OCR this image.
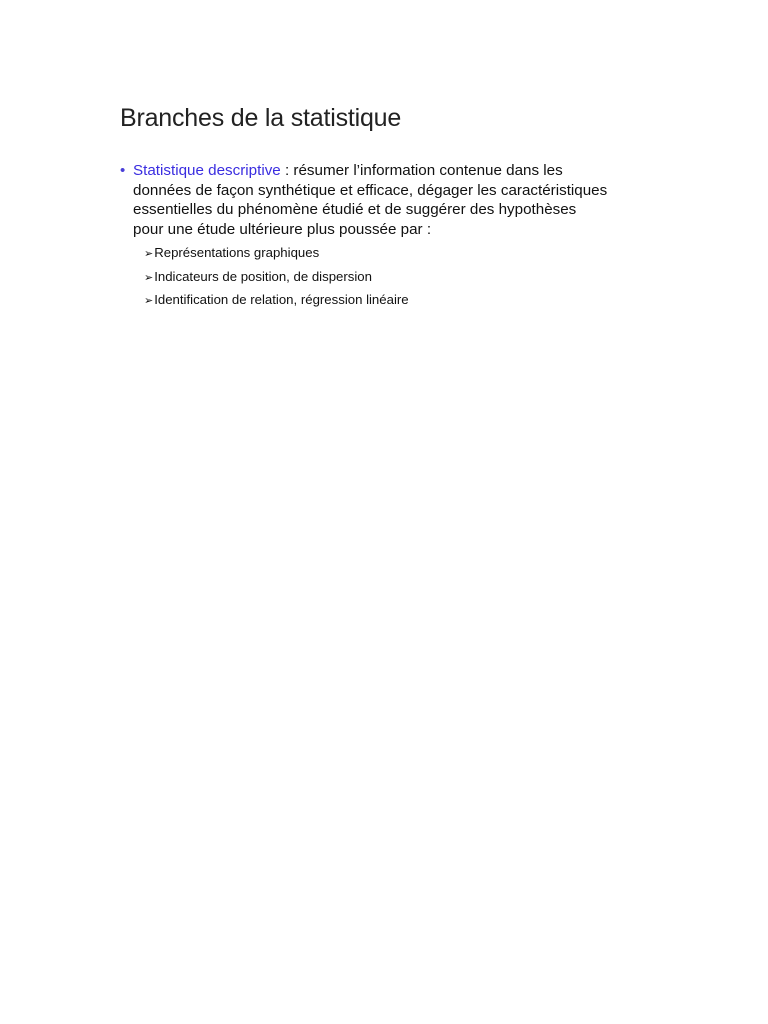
Branches de la statistique
• Statistique descriptive : résumer l’information contenue dans les
données de façon synthétique et efficace, dégager les caractéristiques
essentielles du phénomène étudié et de suggérer des hypothèses
pour une étude ultérieure plus poussée par :
➢Représentations graphiques
➢Indicateurs de position, de dispersion
➢Identification de relation, régression linéaire
